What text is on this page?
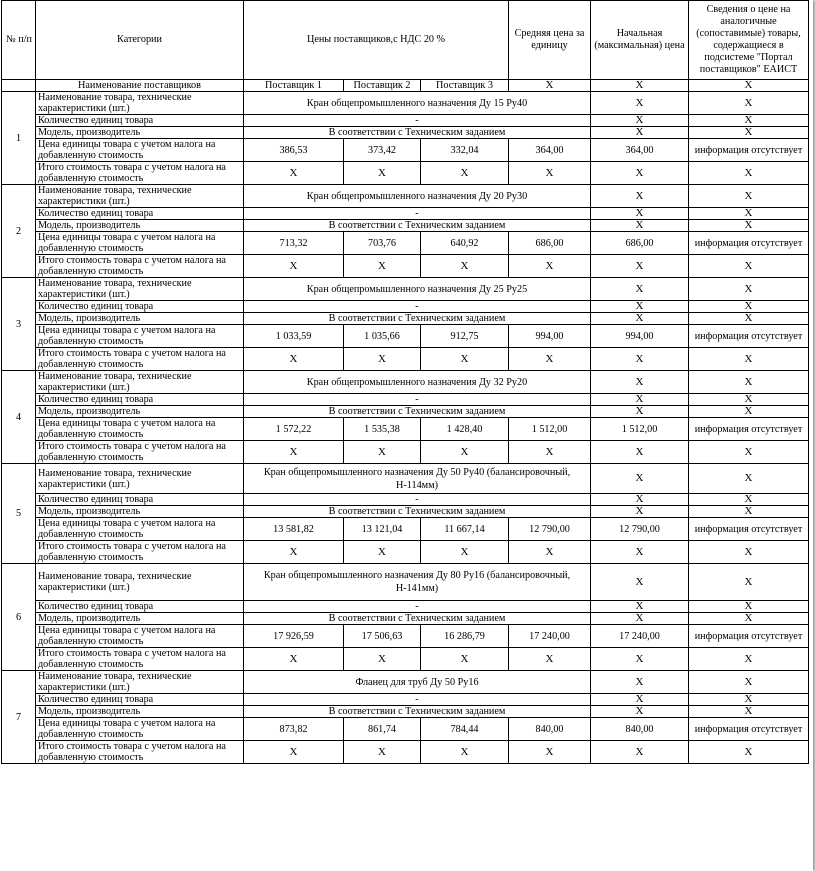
№ п/п	Категории	Цены поставщиков,с НДС 20 %			Средняя цена за единицу	Начальная (максимальная) цена	Сведения о цене на аналогичные (сопоставимые) товары, содержащиеся в подсистеме "Портал поставщиков" ЕАИСТ
	Наименование поставщиков	Поставщик 1	Поставщик 2	Поставщик 3	X	X	X
1	Наименование товара, технические характеристики (шт.)	Кран общепромышленного назначения Ду 15 Ру40				X	X
	Количество единиц товара	-				X	X
	Модель, производитель	В соответствии с Техническим заданием				X	X
	Цена единицы товара с учетом налога на добавленную стоимость	386,53	373,42	332,04	364,00	364,00	информация отсутствует
	Итого стоимость товара с учетом налога на добавленную стоимость	X	X	X	X	X	X
2	Наименование товара, технические характеристики (шт.)	Кран общепромышленного назначения Ду 20 Ру30				X	X
	Количество единиц товара	-				X	X
	Модель, производитель	В соответствии с Техническим заданием				X	X
	Цена единицы товара с учетом налога на добавленную стоимость	713,32	703,76	640,92	686,00	686,00	информация отсутствует
	Итого стоимость товара с учетом налога на добавленную стоимость	X	X	X	X	X	X
3	Наименование товара, технические характеристики (шт.)	Кран общепромышленного назначения Ду 25 Ру25				X	X
	Количество единиц товара	-				X	X
	Модель, производитель	В соответствии с Техническим заданием				X	X
	Цена единицы товара с учетом налога на добавленную стоимость	1 033,59	1 035,66	912,75	994,00	994,00	информация отсутствует
	Итого стоимость товара с учетом налога на добавленную стоимость	X	X	X	X	X	X
4	Наименование товара, технические характеристики (шт.)	Кран общепромышленного назначения Ду 32 Ру20				X	X
	Количество единиц товара	-				X	X
	Модель, производитель	В соответствии с Техническим заданием				X	X
	Цена единицы товара с учетом налога на добавленную стоимость	1 572,22	1 535,38	1 428,40	1 512,00	1 512,00	информация отсутствует
	Итого стоимость товара с учетом налога на добавленную стоимость	X	X	X	X	X	X
5	Наименование товара, технические характеристики (шт.)	Кран общепромышленного назначения Ду 50 Ру40 (балансировочный, Н-114мм)				X	X
	Количество единиц товара	-				X	X
	Модель, производитель	В соответствии с Техническим заданием				X	X
	Цена единицы товара с учетом налога на добавленную стоимость	13 581,82	13 121,04	11 667,14	12 790,00	12 790,00	информация отсутствует
	Итого стоимость товара с учетом налога на добавленную стоимость	X	X	X	X	X	X
6	Наименование товара, технические характеристики (шт.)	Кран общепромышленного назначения Ду 80 Ру16 (балансировочный, Н-141мм)				X	X
	Количество единиц товара	-				X	X
	Модель, производитель	В соответствии с Техническим заданием				X	X
	Цена единицы товара с учетом налога на добавленную стоимость	17 926,59	17 506,63	16 286,79	17 240,00	17 240,00	информация отсутствует
	Итого стоимость товара с учетом налога на добавленную стоимость	X	X	X	X	X	X
7	Наименование товара, технические характеристики (шт.)	Фланец для труб Ду 50 Ру16				X	X
	Количество единиц товара	-				X	X
	Модель, производитель	В соответствии с Техническим заданием				X	X
	Цена единицы товара с учетом налога на добавленную стоимость	873,82	861,74	784,44	840,00	840,00	информация отсутствует
	Итого стоимость товара с учетом налога на добавленную стоимость	X	X	X	X	X	X
